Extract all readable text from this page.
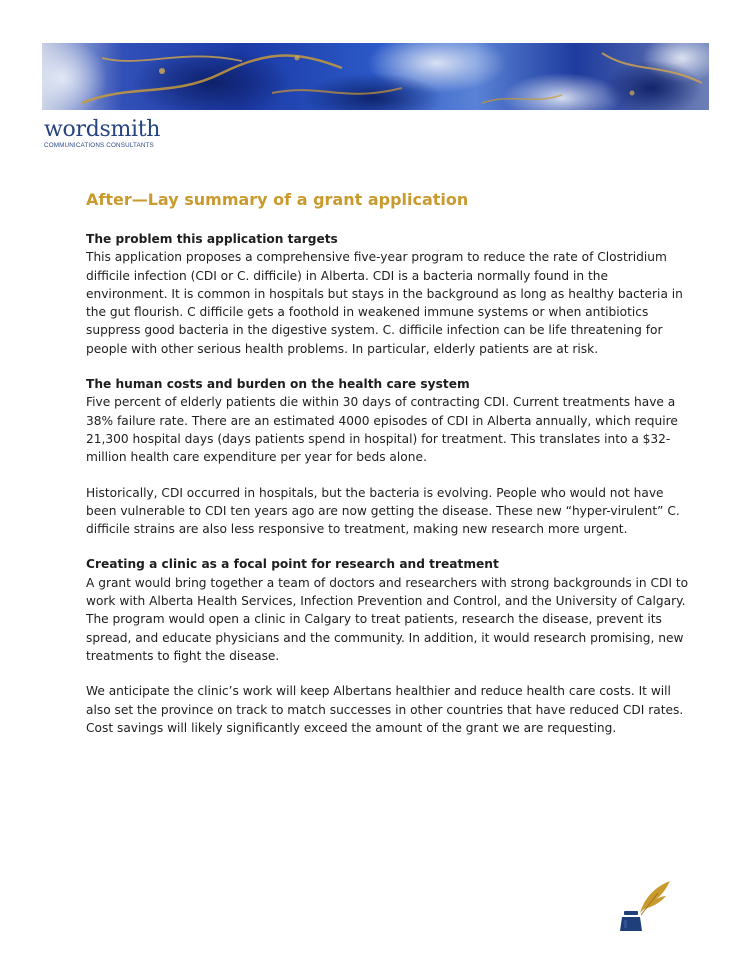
wordsmith
COMMUNICATIONS CONSULTANTS
After—Lay summary of a grant application

The problem this application targets

This application proposes a comprehensive five-year program to reduce the rate of Clostridium difficile infection (CDI or C. difficile) in Alberta. CDI is a bacteria normally found in the environment. It is common in hospitals but stays in the background as long as healthy bacteria in the gut flourish. C difficile gets a foothold in weakened immune systems or when antibiotics suppress good bacteria in the digestive system. C. difficile infection can be life threatening for people with other serious health problems. In particular, elderly patients are at risk.

The human costs and burden on the health care system

Five percent of elderly patients die within 30 days of contracting CDI. Current treatments have a 38% failure rate. There are an estimated 4000 episodes of CDI in Alberta annually, which require 21,300 hospital days (days patients spend in hospital) for treatment. This translates into a $32-million health care expenditure per year for beds alone.

Historically, CDI occurred in hospitals, but the bacteria is evolving. People who would not have been vulnerable to CDI ten years ago are now getting the disease. These new “hyper-virulent” C. difficile strains are also less responsive to treatment, making new research more urgent.

Creating a clinic as a focal point for research and treatment

A grant would bring together a team of doctors and researchers with strong backgrounds in CDI to work with Alberta Health Services, Infection Prevention and Control, and the University of Calgary. The program would open a clinic in Calgary to treat patients, research the disease, prevent its spread, and educate physicians and the community. In addition, it would research promising, new treatments to fight the disease.

We anticipate the clinic’s work will keep Albertans healthier and reduce health care costs. It will also set the province on track to match successes in other countries that have reduced CDI rates. Cost savings will likely significantly exceed the amount of the grant we are requesting.
